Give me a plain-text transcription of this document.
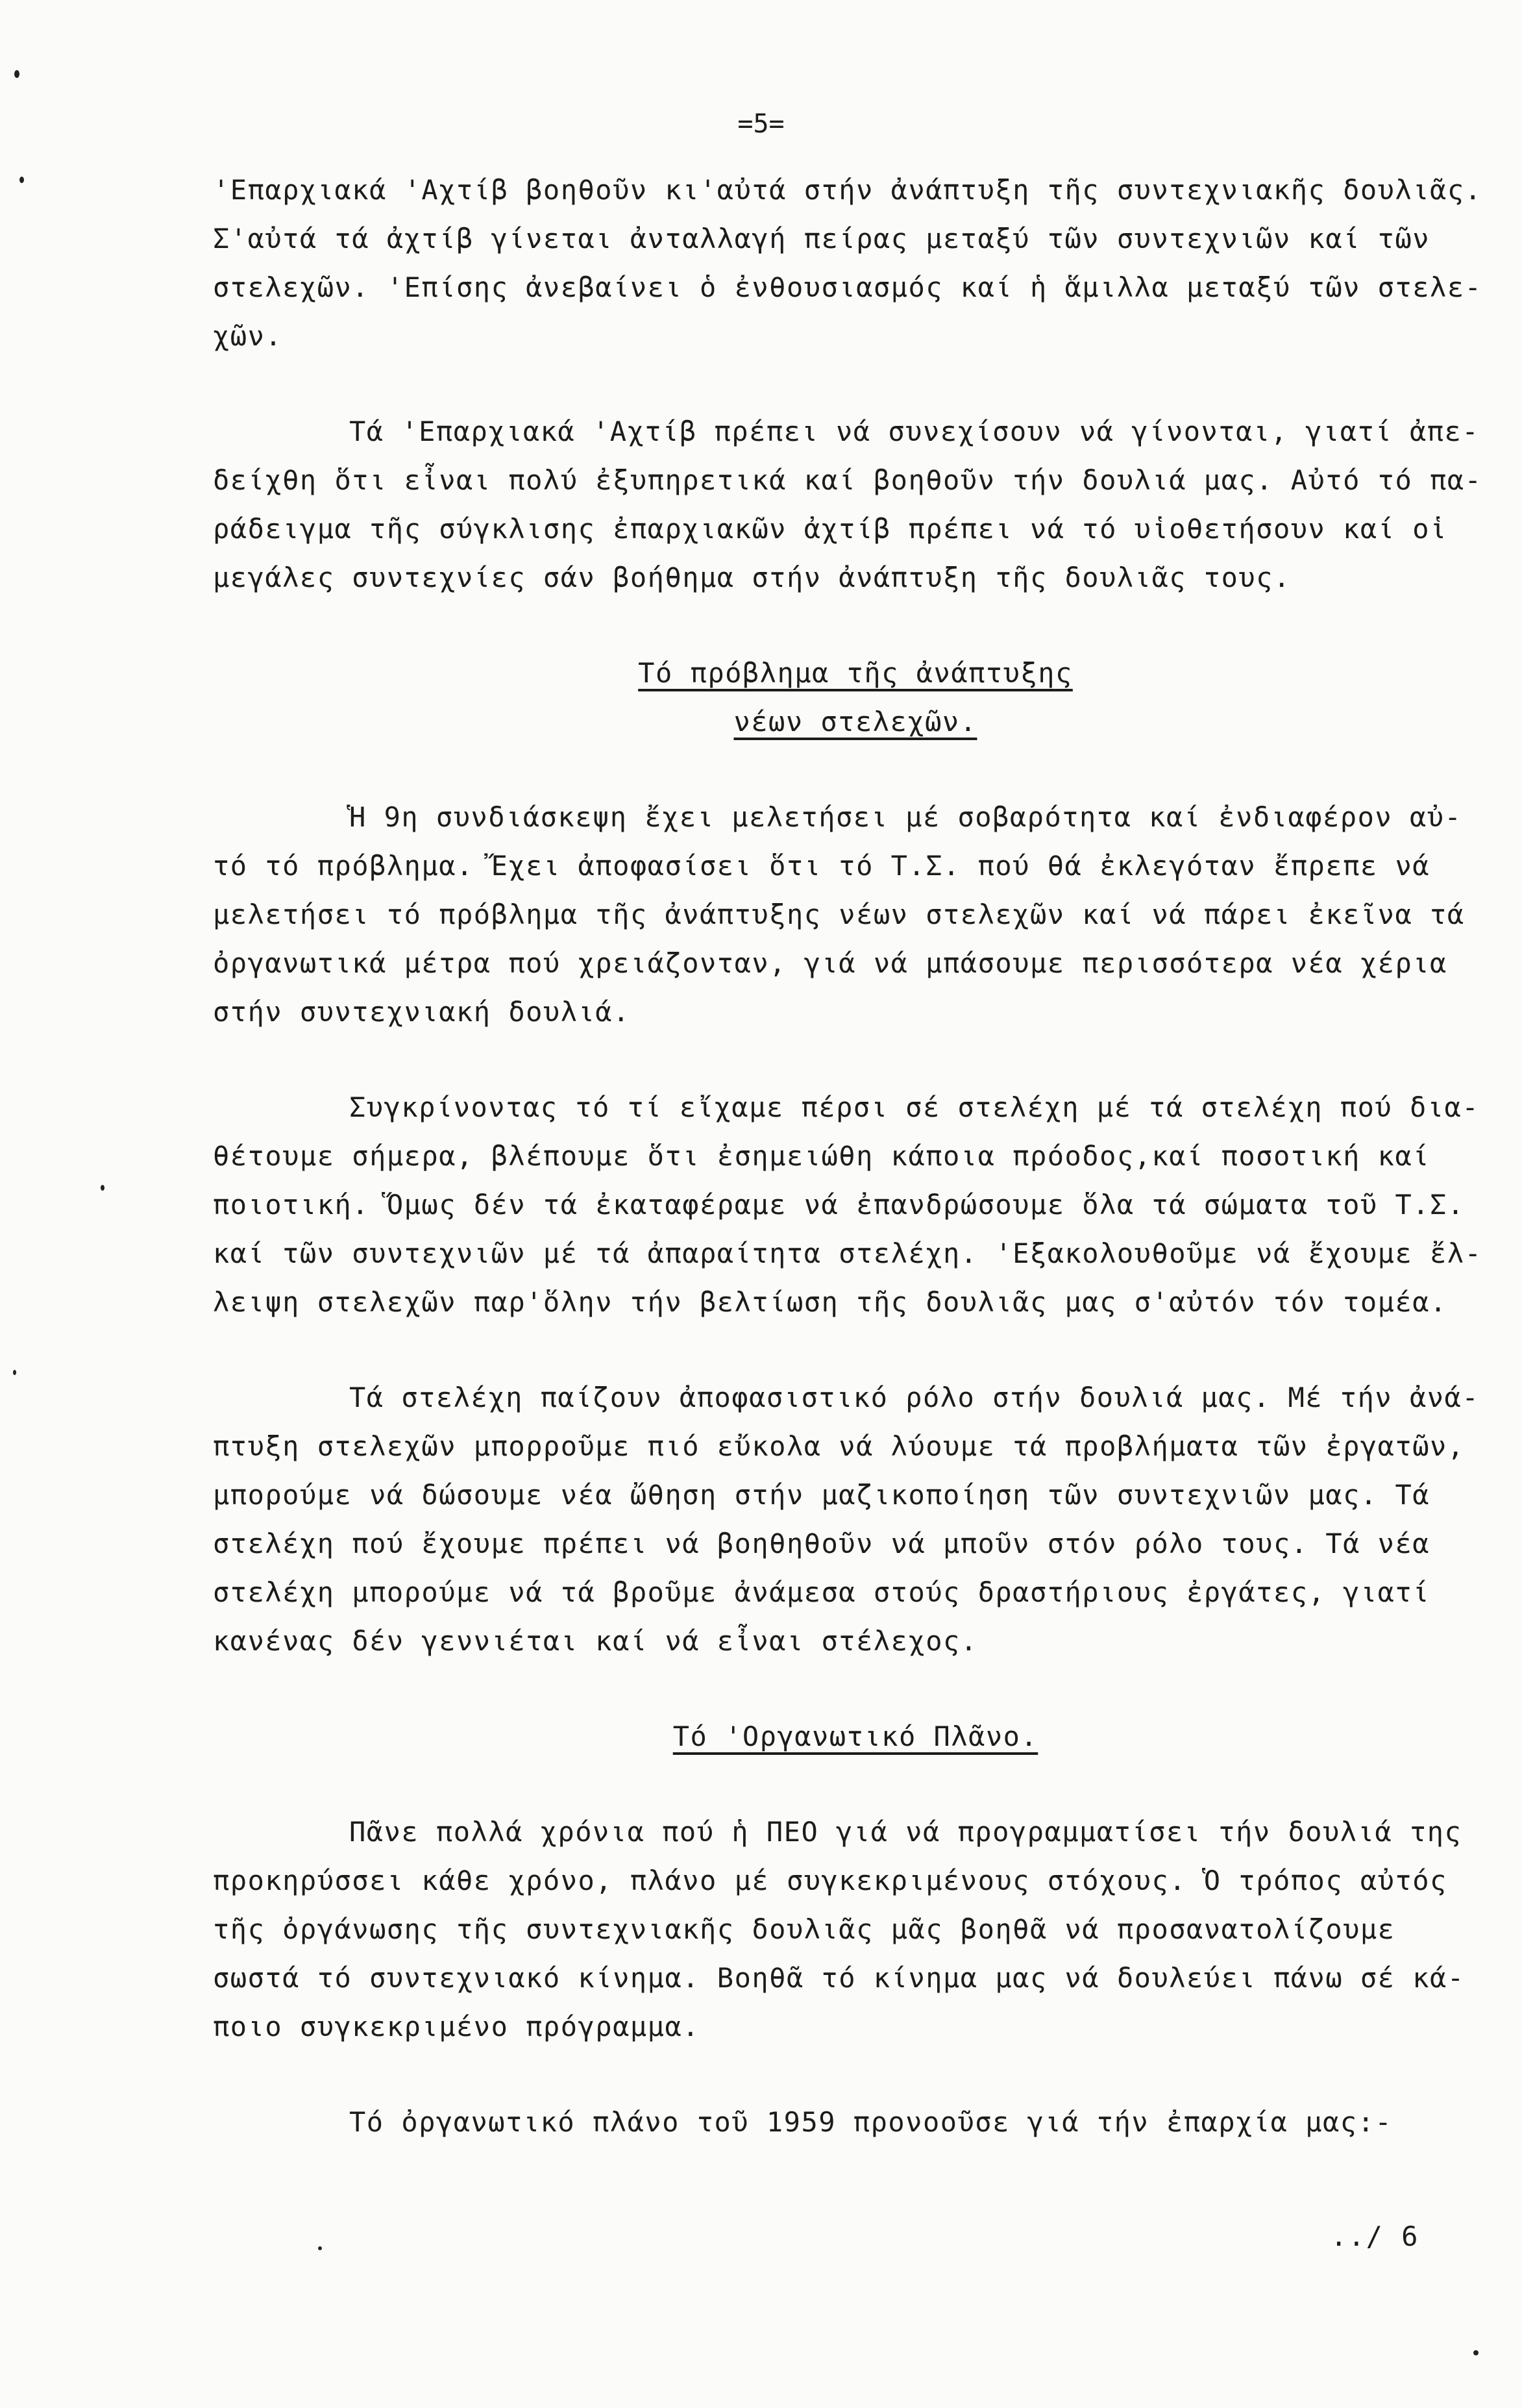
=5=
'Επαρχιακά 'Αχτίβ βοηθοῦν κι'αὐτά στήν ἀνάπτυξη τῆς συντεχνιακῆς δουλιᾶς.
Σ'αὐτά τά ἀχτίβ γίνεται ἀνταλλαγή πείρας μεταξύ τῶν συντεχνιῶν καί τῶν
στελεχῶν. 'Επίσης ἀνεβαίνει ὁ ἐνθουσιασμός καί ἡ ἅμιλλα μεταξύ τῶν στελε-
χῶν.
Τά 'Επαρχιακά 'Αχτίβ πρέπει νά συνεχίσουν νά γίνονται, γιατί ἀπε-
δείχθη ὅτι εἶναι πολύ ἐξυπηρετικά καί βοηθοῦν τήν δουλιά μας. Αὐτό τό πα-
ράδειγμα τῆς σύγκλισης ἐπαρχιακῶν ἀχτίβ πρέπει νά τό υἱοθετήσουν καί οἱ
μεγάλες συντεχνίες σάν βοήθημα στήν ἀνάπτυξη τῆς δουλιᾶς τους.
Τό πρόβλημα τῆς ἀνάπτυξης
νέων στελεχῶν.
Ἡ 9η συνδιάσκεψη ἔχει μελετήσει μέ σοβαρότητα καί ἐνδιαφέρον αὐ-
τό τό πρόβλημα. Ἔχει ἀποφασίσει ὅτι τό Τ.Σ. πού θά ἐκλεγόταν ἔπρεπε νά
μελετήσει τό πρόβλημα τῆς ἀνάπτυξης νέων στελεχῶν καί νά πάρει ἐκεῖνα τά
ὀργανωτικά μέτρα πού χρειάζονταν, γιά νά μπάσουμε περισσότερα νέα χέρια
στήν συντεχνιακή δουλιά.
Συγκρίνοντας τό τί εἴχαμε πέρσι σέ στελέχη μέ τά στελέχη πού δια-
θέτουμε σήμερα, βλέπουμε ὅτι ἐσημειώθη κάποια πρόοδος,καί ποσοτική καί
ποιοτική. Ὅμως δέν τά ἐκαταφέραμε νά ἐπανδρώσουμε ὅλα τά σώματα τοῦ Τ.Σ.
καί τῶν συντεχνιῶν μέ τά ἀπαραίτητα στελέχη. 'Εξακολουθοῦμε νά ἔχουμε ἔλ-
λειψη στελεχῶν παρ'ὅλην τήν βελτίωση τῆς δουλιᾶς μας σ'αὐτόν τόν τομέα.
Τά στελέχη παίζουν ἀποφασιστικό ρόλο στήν δουλιά μας. Μέ τήν ἀνά-
πτυξη στελεχῶν μπορροῦμε πιό εὔκολα νά λύουμε τά προβλήματα τῶν ἐργατῶν,
μπορούμε νά δώσουμε νέα ὤθηση στήν μαζικοποίηση τῶν συντεχνιῶν μας. Τά
στελέχη πού ἔχουμε πρέπει νά βοηθηθοῦν νά μποῦν στόν ρόλο τους. Τά νέα
στελέχη μπορούμε νά τά βροῦμε ἀνάμεσα στούς δραστήριους ἐργάτες, γιατί
κανένας δέν γεννιέται καί νά εἶναι στέλεχος.
Τό 'Οργανωτικό Πλᾶνο.
Πᾶνε πολλά χρόνια πού ἡ ΠΕΟ γιά νά προγραμματίσει τήν δουλιά της
προκηρύσσει κάθε χρόνο, πλάνο μέ συγκεκριμένους στόχους. Ὁ τρόπος αὐτός
τῆς ὀργάνωσης τῆς συντεχνιακῆς δουλιᾶς μᾶς βοηθᾶ νά προσανατολίζουμε
σωστά τό συντεχνιακό κίνημα. Βοηθᾶ τό κίνημα μας νά δουλεύει πάνω σέ κά-
ποιο συγκεκριμένο πρόγραμμα.
Τό ὀργανωτικό πλάνο τοῦ 1959 προνοοῦσε γιά τήν ἐπαρχία μας:-
../ 6
